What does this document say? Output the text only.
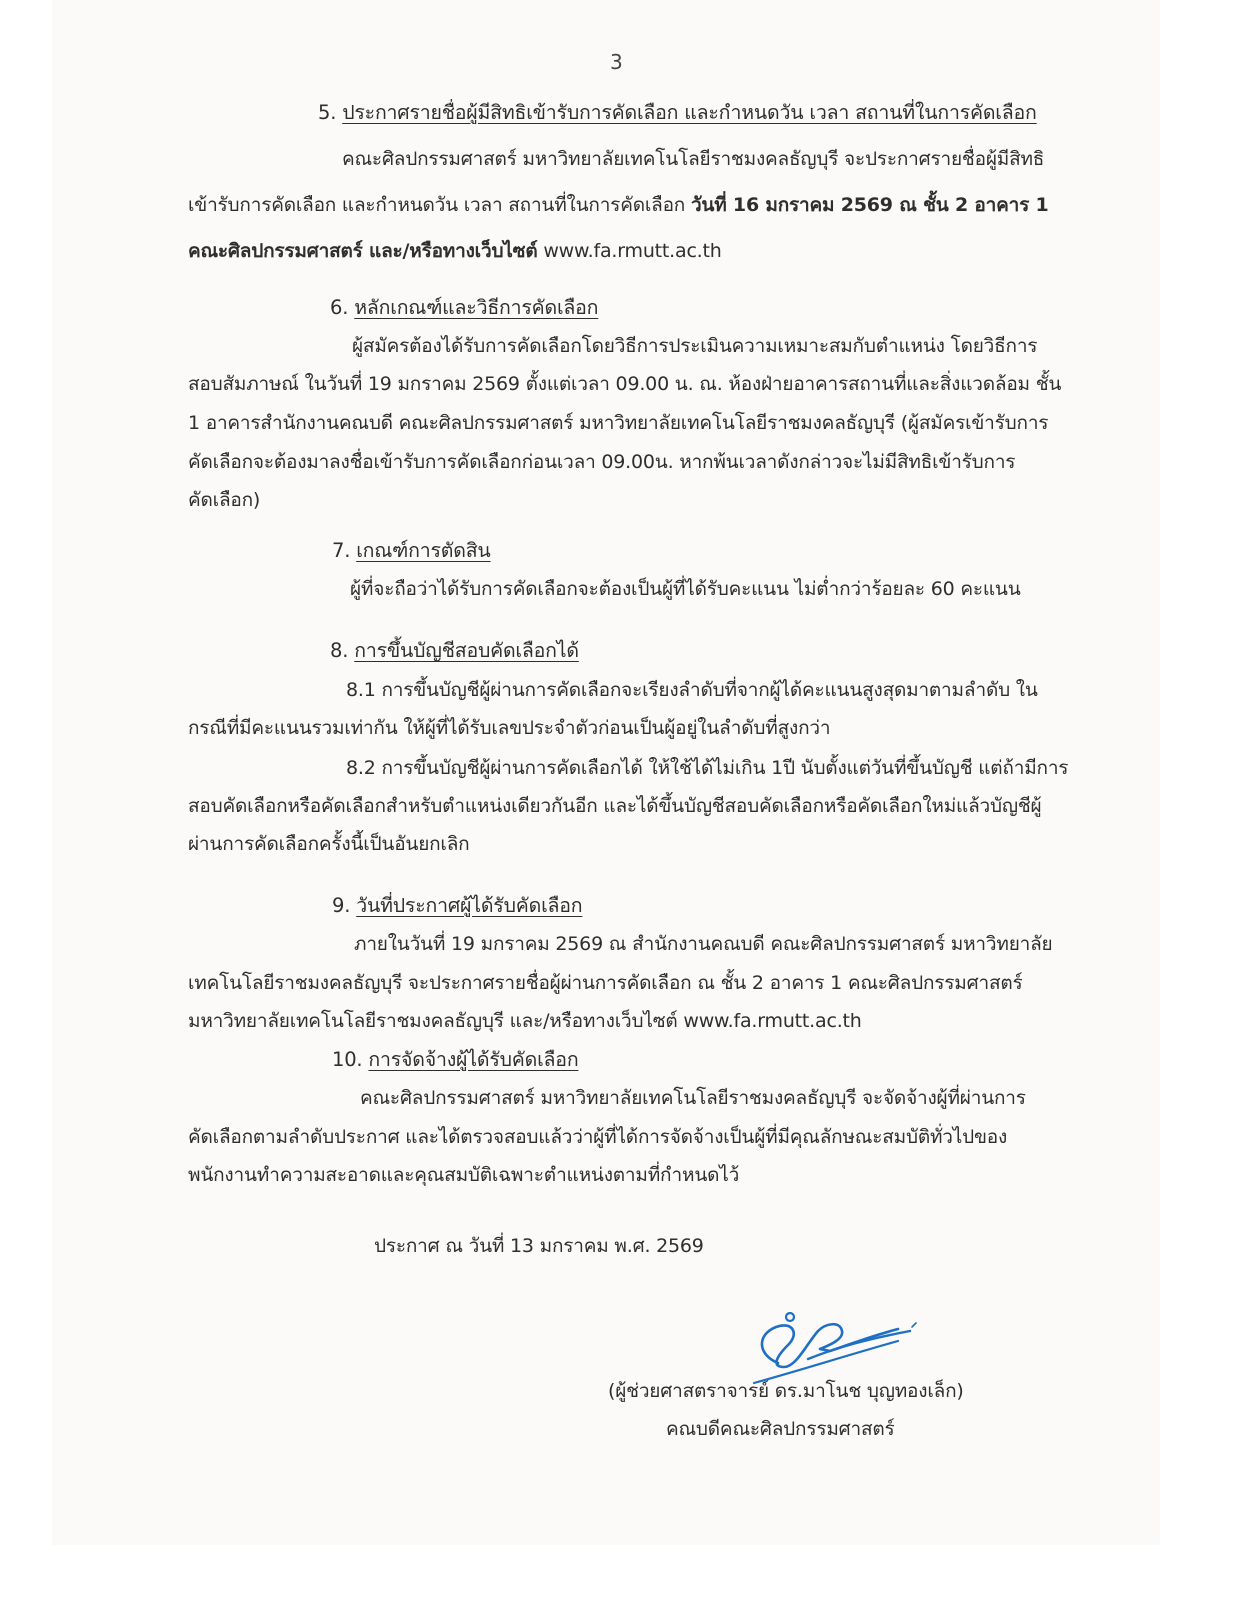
3
5. ประกาศรายชื่อผู้มีสิทธิเข้ารับการคัดเลือก และกำหนดวัน เวลา สถานที่ในการคัดเลือก
คณะศิลปกรรมศาสตร์ มหาวิทยาลัยเทคโนโลยีราชมงคลธัญบุรี จะประกาศรายชื่อผู้มีสิทธิ
เข้ารับการคัดเลือก และกำหนดวัน เวลา สถานที่ในการคัดเลือก วันที่ 16 มกราคม 2569 ณ ชั้น 2 อาคาร 1
คณะศิลปกรรมศาสตร์ และ/หรือทางเว็บไซต์ www.fa.rmutt.ac.th
6. หลักเกณฑ์และวิธีการคัดเลือก
ผู้สมัครต้องได้รับการคัดเลือกโดยวิธีการประเมินความเหมาะสมกับตำแหน่ง โดยวิธีการ
สอบสัมภาษณ์ ในวันที่ 19 มกราคม 2569 ตั้งแต่เวลา 09.00 น. ณ. ห้องฝ่ายอาคารสถานที่และสิ่งแวดล้อม ชั้น
1 อาคารสำนักงานคณบดี คณะศิลปกรรมศาสตร์ มหาวิทยาลัยเทคโนโลยีราชมงคลธัญบุรี (ผู้สมัครเข้ารับการ
คัดเลือกจะต้องมาลงชื่อเข้ารับการคัดเลือกก่อนเวลา 09.00น. หากพ้นเวลาดังกล่าวจะไม่มีสิทธิเข้ารับการ
คัดเลือก)
7. เกณฑ์การตัดสิน
ผู้ที่จะถือว่าได้รับการคัดเลือกจะต้องเป็นผู้ที่ได้รับคะแนน ไม่ต่ำกว่าร้อยละ 60 คะแนน
8. การขึ้นบัญชีสอบคัดเลือกได้
8.1 การขึ้นบัญชีผู้ผ่านการคัดเลือกจะเรียงลำดับที่จากผู้ได้คะแนนสูงสุดมาตามลำดับ ใน
กรณีที่มีคะแนนรวมเท่ากัน ให้ผู้ที่ได้รับเลขประจำตัวก่อนเป็นผู้อยู่ในลำดับที่สูงกว่า
8.2 การขึ้นบัญชีผู้ผ่านการคัดเลือกได้ ให้ใช้ได้ไม่เกิน 1ปี นับตั้งแต่วันที่ขึ้นบัญชี แต่ถ้ามีการ
สอบคัดเลือกหรือคัดเลือกสำหรับตำแหน่งเดียวกันอีก และได้ขึ้นบัญชีสอบคัดเลือกหรือคัดเลือกใหม่แล้วบัญชีผู้
ผ่านการคัดเลือกครั้งนี้เป็นอันยกเลิก
9. วันที่ประกาศผู้ได้รับคัดเลือก
ภายในวันที่ 19 มกราคม 2569 ณ สำนักงานคณบดี คณะศิลปกรรมศาสตร์ มหาวิทยาลัย
เทคโนโลยีราชมงคลธัญบุรี จะประกาศรายชื่อผู้ผ่านการคัดเลือก ณ ชั้น 2 อาคาร 1 คณะศิลปกรรมศาสตร์
มหาวิทยาลัยเทคโนโลยีราชมงคลธัญบุรี และ/หรือทางเว็บไซต์ www.fa.rmutt.ac.th
10. การจัดจ้างผู้ได้รับคัดเลือก
คณะศิลปกรรมศาสตร์ มหาวิทยาลัยเทคโนโลยีราชมงคลธัญบุรี จะจัดจ้างผู้ที่ผ่านการ
คัดเลือกตามลำดับประกาศ และได้ตรวจสอบแล้วว่าผู้ที่ได้การจัดจ้างเป็นผู้ที่มีคุณลักษณะสมบัติทั่วไปของ
พนักงานทำความสะอาดและคุณสมบัติเฉพาะตำแหน่งตามที่กำหนดไว้
ประกาศ ณ วันที่ 13 มกราคม พ.ศ. 2569
(ผู้ช่วยศาสตราจารย์ ดร.มาโนช บุญทองเล็ก)
คณบดีคณะศิลปกรรมศาสตร์
